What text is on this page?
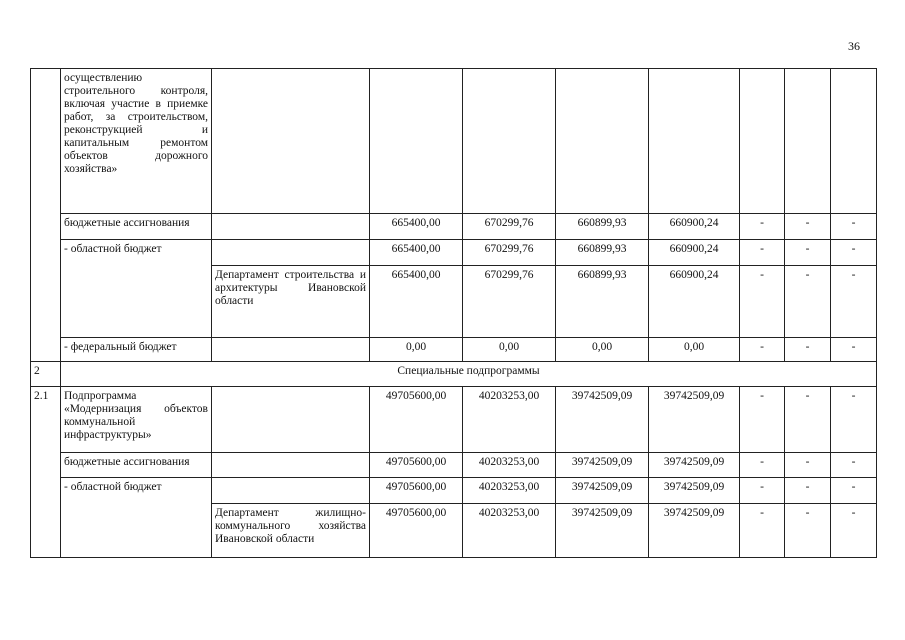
36
	осуществлению строительного контроля, включая участие в приемке работ, за строительством, реконструкцией и капитальным ремонтом объектов дорожного хозяйства»								
	бюджетные ассигнования		665400,00	670299,76	660899,93	660900,24	-	-	-
	- областной бюджет		665400,00	670299,76	660899,93	660900,24	-	-	-
		Департамент строительства и архитектуры Ивановской области	665400,00	670299,76	660899,93	660900,24	-	-	-
	- федеральный бюджет		0,00	0,00	0,00	0,00	-	-	-
2	Специальные подпрограммы								
2.1	Подпрограмма «Модернизация объектов коммунальной инфраструктуры»		49705600,00	40203253,00	39742509,09	39742509,09	-	-	-
	бюджетные ассигнования		49705600,00	40203253,00	39742509,09	39742509,09	-	-	-
	- областной бюджет		49705600,00	40203253,00	39742509,09	39742509,09	-	-	-
		Департамент жилищно-коммунального хозяйства Ивановской области	49705600,00	40203253,00	39742509,09	39742509,09	-	-	-
